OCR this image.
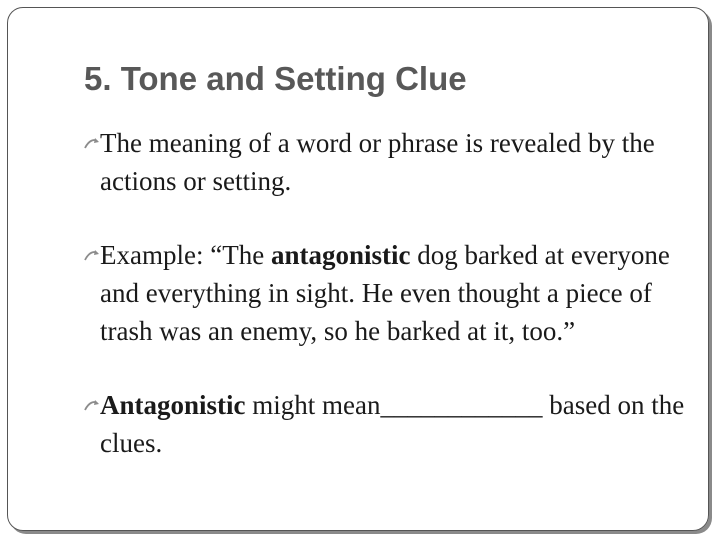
5. Tone and Setting Clue
The meaning of a word or phrase is revealed by the actions or setting.
Example: “The antagonistic dog barked at everyone and everything in sight. He even thought a piece of trash was an enemy, so he barked at it, too.”
Antagonistic might mean____________ based on the clues.
